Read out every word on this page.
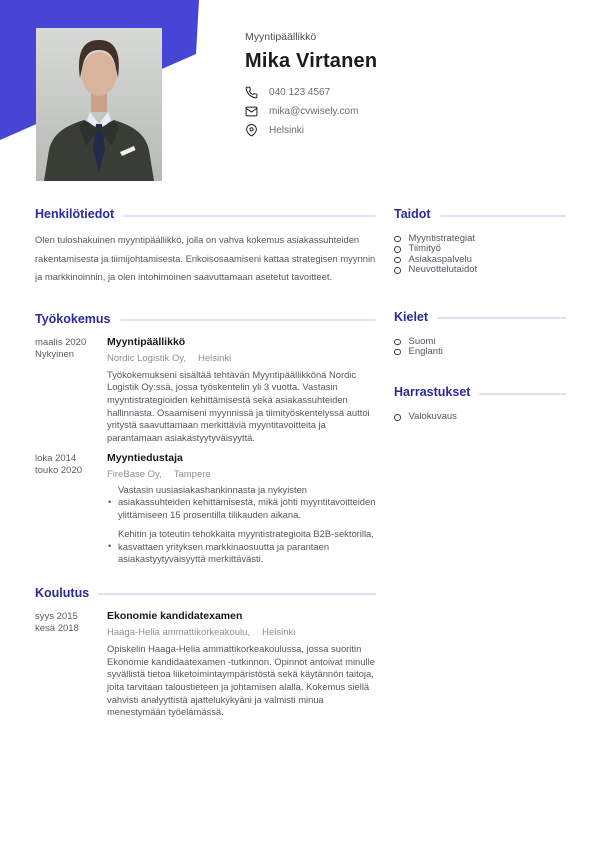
Myyntipäällikkö
Mika Virtanen
040 123 4567
mika@cvwisely.com
Helsinki
Henkilötiedot

Olen tuloshakuinen myyntipäällikkö, jolla on vahva kokemus asiakassuhteiden rakentamisesta ja tiimijohtamisesta. Erikoisosaamiseni kattaa strategisen myynnin ja markkinoinnin, ja olen intohimoinen saavuttamaan asetetut tavoitteet.

Työkokemus
maalis 2020
Nykyinen
Myyntipäällikkö
Nordic Logistik Oy, Helsinki

Työkokemukseni sisältää tehtävän Myyntipäällikkönä Nordic Logistik Oy:ssä, jossa työskentelin yli 3 vuotta. Vastasin myyntistrategioiden kehittämisestä sekä asiakassuhteiden hallinnasta. Osaamiseni myynnissä ja tiimityöskentelyssä auttoi yritystä saavuttamaan merkittäviä myyntitavoitteita ja parantamaan asiakastyytyväisyyttä.

loka 2014
touko 2020
Myyntiedustaja
FireBase Oy, Tampere
• Vastasin uusiasiakashankinnasta ja nykyisten asiakassuhteiden kehittämisestä, mikä johti myyntitavoitteiden ylittämiseen 15 prosentilla tilikauden aikana.
• Kehitin ja toteutin tehokkaita myyntistrategioita B2B-sektorilla, kasvattaen yrityksen markkinaosuutta ja parantaen asiakastyytyväisyyttä merkittävästi.
Koulutus
syys 2015
kesä 2018
Ekonomie kandidatexamen
Haaga-Helia ammattikorkeakoulu, Helsinki

Opiskelin Haaga-Helia ammattikorkeakoulussa, jossa suoritin Ekonomie kandidaatexamen -tutkinnon. Opinnot antoivat minulle syvällistä tietoa liiketoimintaympäristöstä sekä käytännön taitoja, joita tarvitaan taloustieteen ja johtamisen alalla. Kokemus siellä vahvisti analyyttistä ajattelukykyäni ja valmisti minua menestymään työelämässä.

Taidot
Myyntistrategiat
Tiimityö
Asiakaspalvelu
Neuvottelutaidot
Kielet
Suomi
Englanti
Harrastukset
Valokuvaus
